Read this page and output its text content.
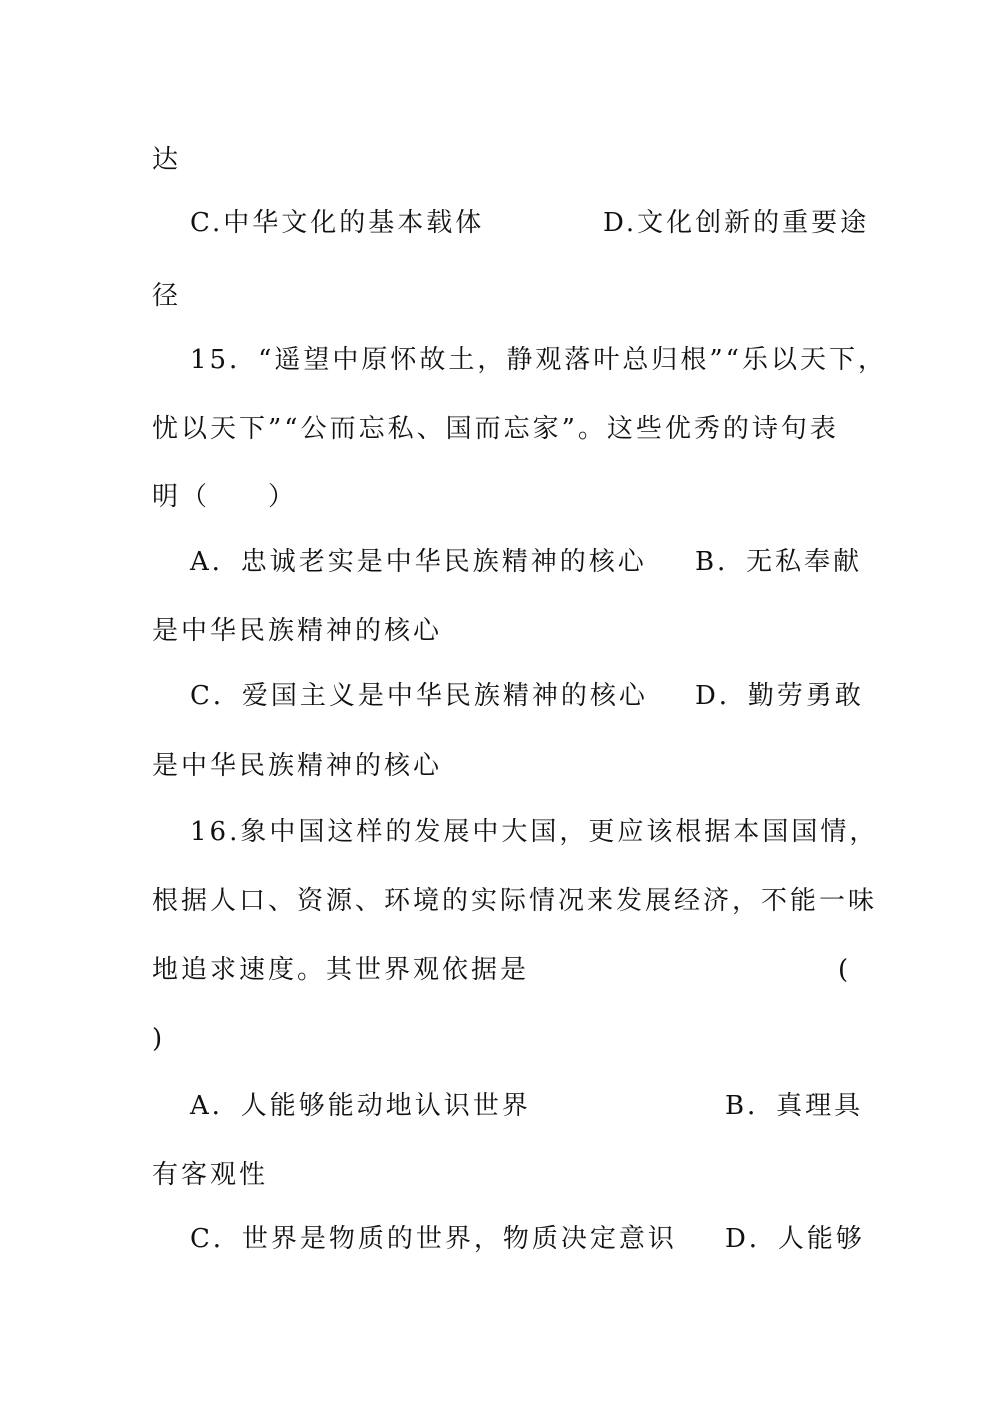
达
C.中华文化的基本载体	D.文化创新的重要途
径
15．“遥望中原怀故土，静观落叶总归根”“乐以天下，
忧以天下”“公而忘私、国而忘家”。这些优秀的诗句表
明（　　）
A．忠诚老实是中华民族精神的核心 B．无私奉献
是中华民族精神的核心
C．爱国主义是中华民族精神的核心 D．勤劳勇敢
是中华民族精神的核心
16.象中国这样的发展中大国，更应该根据本国国情，
根据人口、资源、环境的实际情况来发展经济，不能一味
地追求速度。其世界观依据是	(
)
A．人能够能动地认识世界	B．真理具
有客观性
C．世界是物质的世界，物质决定意识 D．人能够
